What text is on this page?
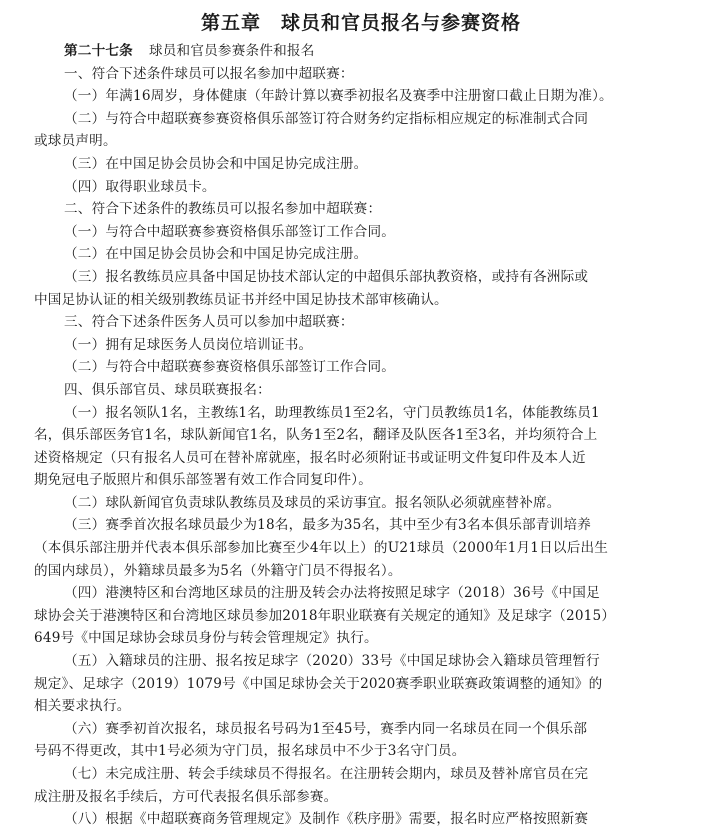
第五章　球员和官员报名与参赛资格
第二十七条 球员和官员参赛条件和报名
一、符合下述条件球员可以报名参加中超联赛：
（一）年满16周岁，身体健康（年龄计算以赛季初报名及赛季中注册窗口截止日期为准）。
（二）与符合中超联赛参赛资格俱乐部签订符合财务约定指标相应规定的标准制式合同
或球员声明。
（三）在中国足协会员协会和中国足协完成注册。
（四）取得职业球员卡。
二、符合下述条件的教练员可以报名参加中超联赛：
（一）与符合中超联赛参赛资格俱乐部签订工作合同。
（二）在中国足协会员协会和中国足协完成注册。
（三）报名教练员应具备中国足协技术部认定的中超俱乐部执教资格，或持有各洲际或
中国足协认证的相关级别教练员证书并经中国足协技术部审核确认。
三、符合下述条件医务人员可以参加中超联赛：
（一）拥有足球医务人员岗位培训证书。
（二）与符合中超联赛参赛资格俱乐部签订工作合同。
四、俱乐部官员、球员联赛报名：
（一）报名领队1名，主教练1名，助理教练员1至2名，守门员教练员1名，体能教练员1
名，俱乐部医务官1名，球队新闻官1名，队务1至2名，翻译及队医各1至3名，并均须符合上
述资格规定（只有报名人员可在替补席就座，报名时必须附证书或证明文件复印件及本人近
期免冠电子版照片和俱乐部签署有效工作合同复印件）。
（二）球队新闻官负责球队教练员及球员的采访事宜。报名领队必须就座替补席。
（三）赛季首次报名球员最少为18名，最多为35名，其中至少有3名本俱乐部青训培养
（本俱乐部注册并代表本俱乐部参加比赛至少4年以上）的U21球员（2000年1月1日以后出生
的国内球员），外籍球员最多为5名（外籍守门员不得报名）。
（四）港澳特区和台湾地区球员的注册及转会办法将按照足球字（2018）36号《中国足
球协会关于港澳特区和台湾地区球员参加2018年职业联赛有关规定的通知》及足球字（2015）
649号《中国足球协会球员身份与转会管理规定》执行。
（五）入籍球员的注册、报名按足球字（2020）33号《中国足球协会入籍球员管理暂行
规定》、足球字（2019）1079号《中国足球协会关于2020赛季职业联赛政策调整的通知》的
相关要求执行。
（六）赛季初首次报名，球员报名号码为1至45号，赛季内同一名球员在同一个俱乐部
号码不得更改，其中1号必须为守门员，报名球员中不少于3名守门员。
（七）未完成注册、转会手续球员不得报名。在注册转会期内，球员及替补席官员在完
成注册及报名手续后，方可代表报名俱乐部参赛。
（八）根据《中超联赛商务管理规定》及制作《秩序册》需要，报名时应严格按照新赛
